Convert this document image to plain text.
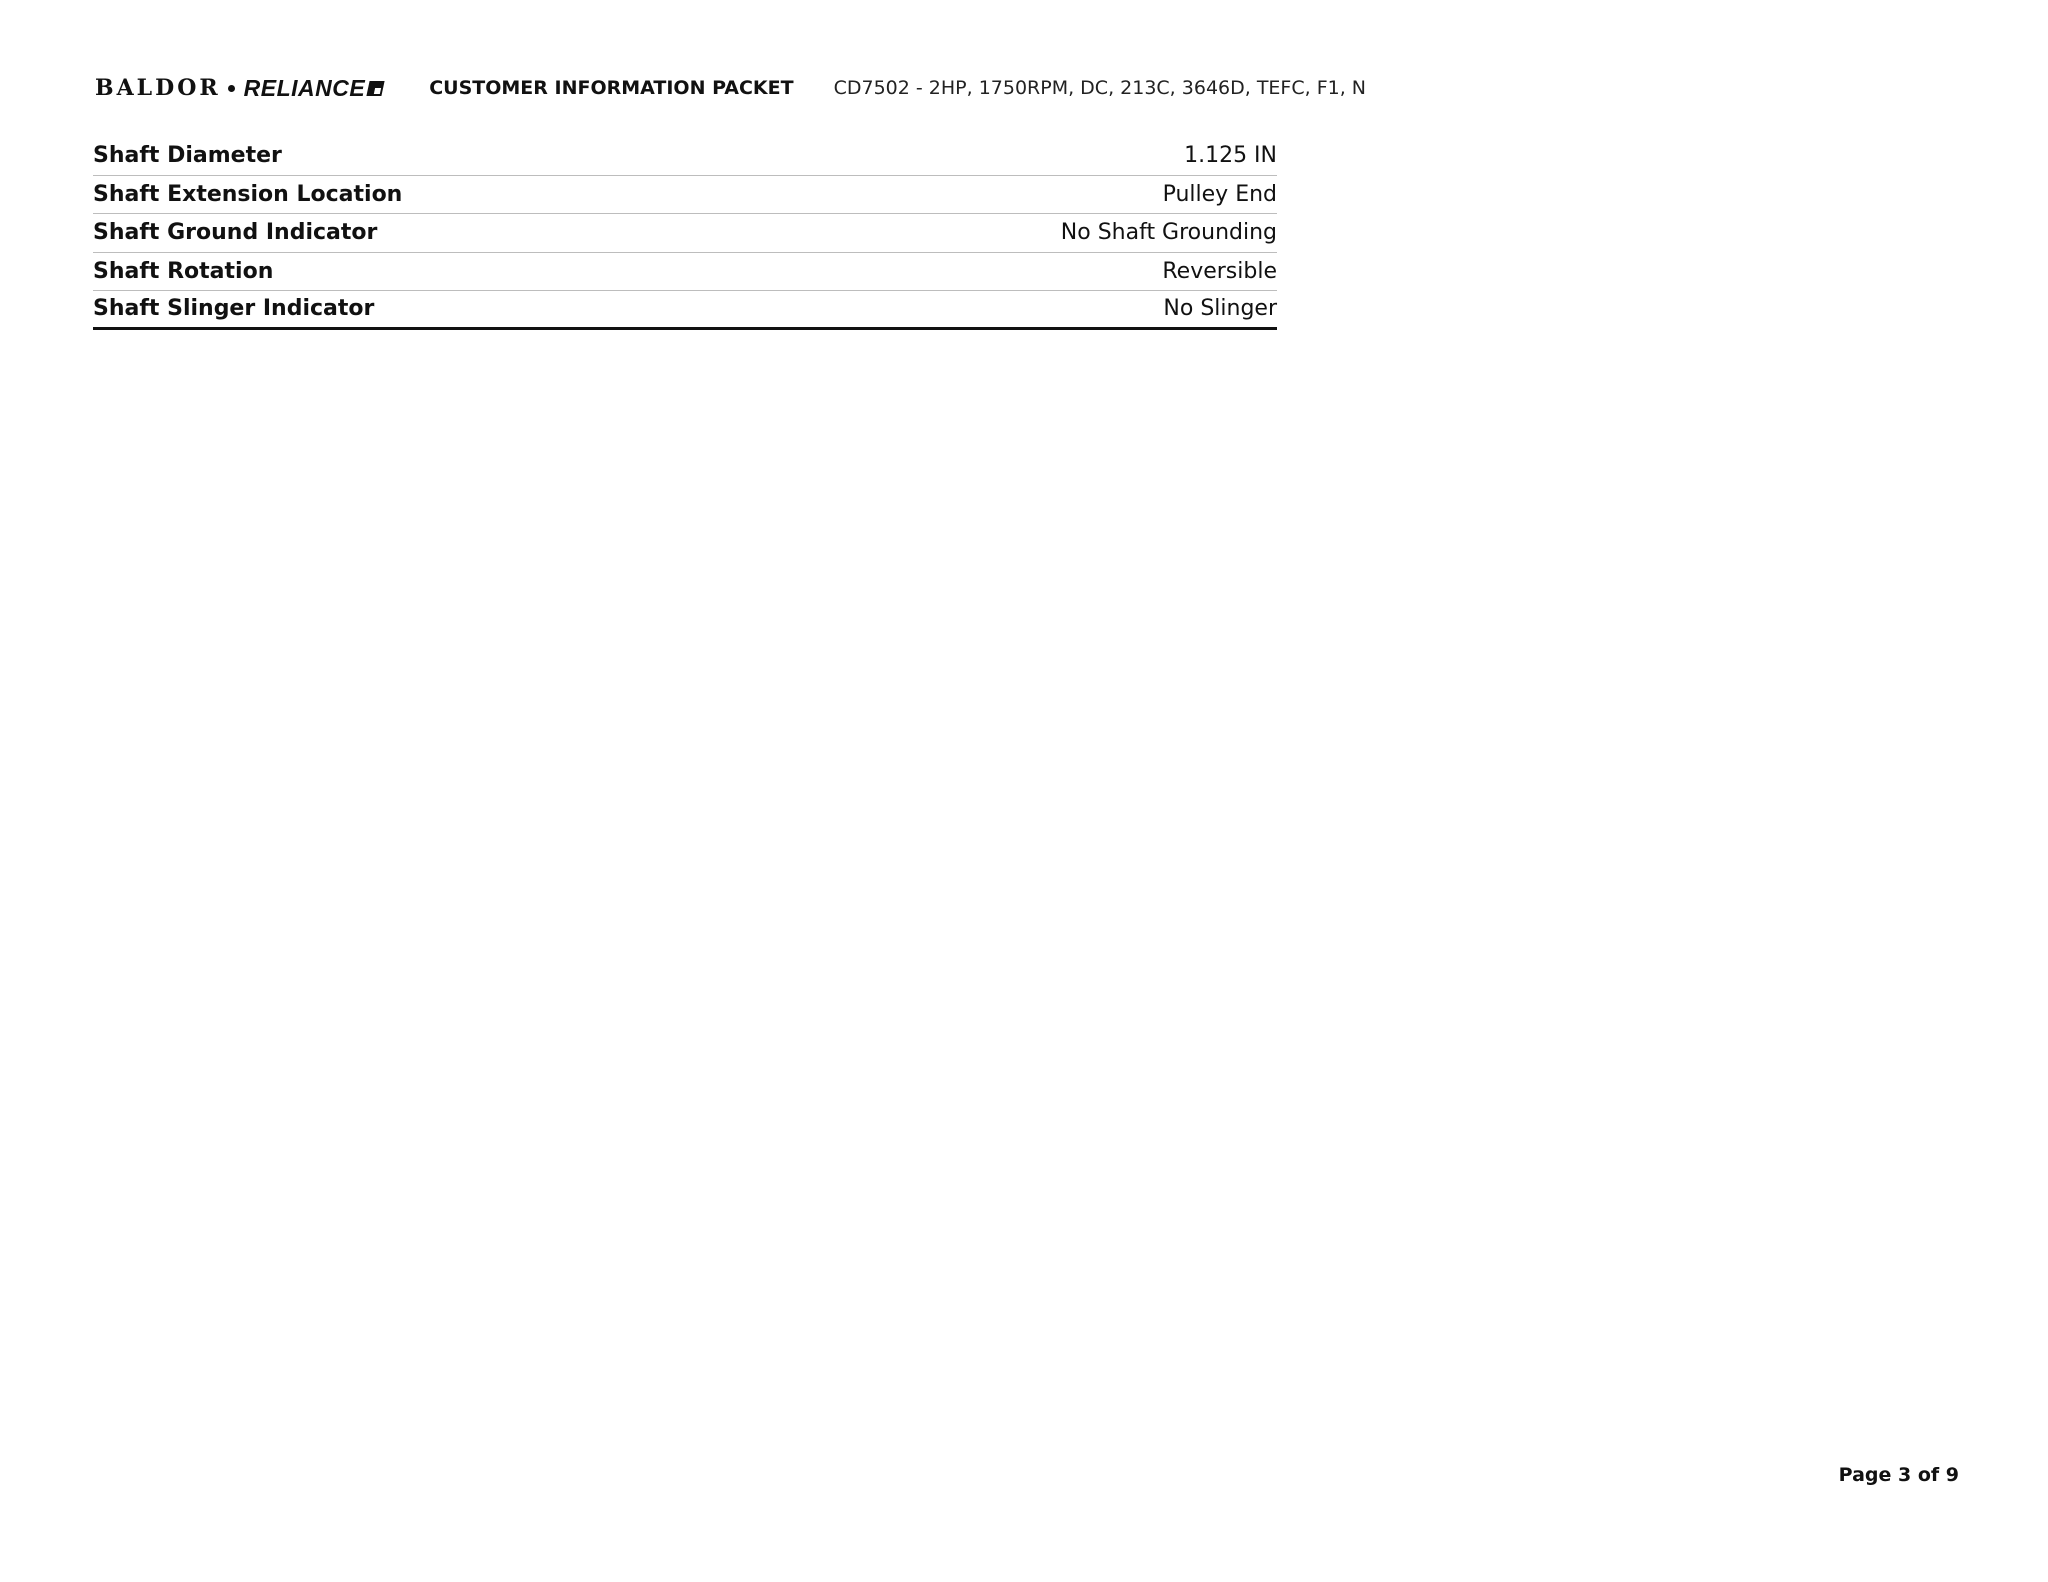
BALDOR RELIANCE	CUSTOMER INFORMATION PACKET CD7502 - 2HP, 1750RPM, DC, 213C, 3646D, TEFC, F1, N
Shaft Diameter	1.125 IN
Shaft Extension Location	Pulley End
Shaft Ground Indicator	No Shaft Grounding
Shaft Rotation	Reversible
Shaft Slinger Indicator	No Slinger
Page 3 of 9
